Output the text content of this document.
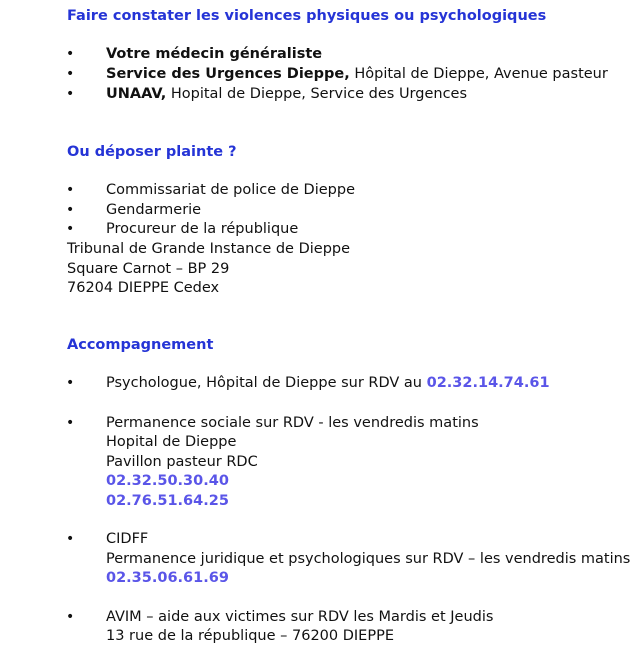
Faire constater les violences physiques ou psychologiques
• Votre médecin généraliste
• Service des Urgences Dieppe, Hôpital de Dieppe, Avenue pasteur
• UNAAV, Hopital de Dieppe, Service des Urgences
Ou déposer plainte ?
• Commissariat de police de Dieppe
• Gendarmerie
• Procureur de la république
Tribunal de Grande Instance de Dieppe
Square Carnot – BP 29
76204 DIEPPE Cedex
Accompagnement
• Psychologue, Hôpital de Dieppe sur RDV au 02.32.14.74.61
• Permanence sociale sur RDV - les vendredis matins
Hopital de Dieppe
Pavillon pasteur RDC
02.32.50.30.40
02.76.51.64.25
• CIDFF
Permanence juridique et psychologiques sur RDV – les vendredis matins
02.35.06.61.69
• AVIM – aide aux victimes sur RDV les Mardis et Jeudis
13 rue de la république – 76200 DIEPPE
